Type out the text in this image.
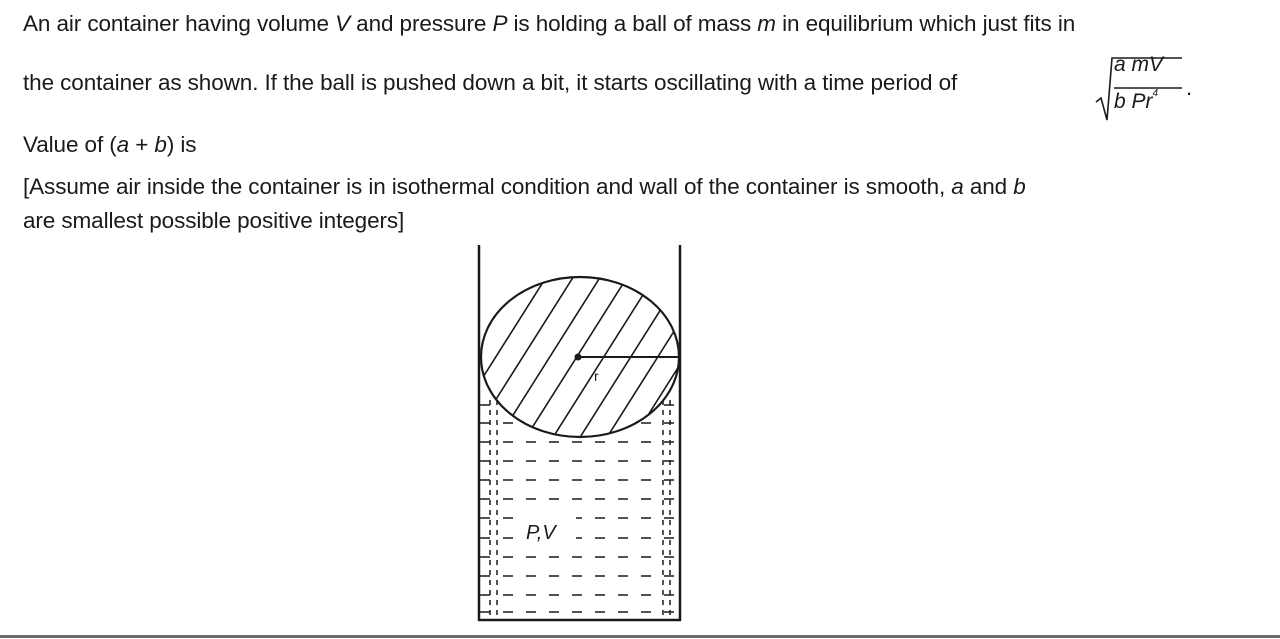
An air container having volume V and pressure P is holding a ball of mass m in equilibrium which just fits in
the container as shown. If the ball is pushed down a bit, it starts oscillating with a time period of
a mV
b Pr$^4$ .
Value of (a + b) is
[Assume air inside the container is in isothermal condition and wall of the container is smooth, a and b
are smallest possible positive integers]
r
P,V
